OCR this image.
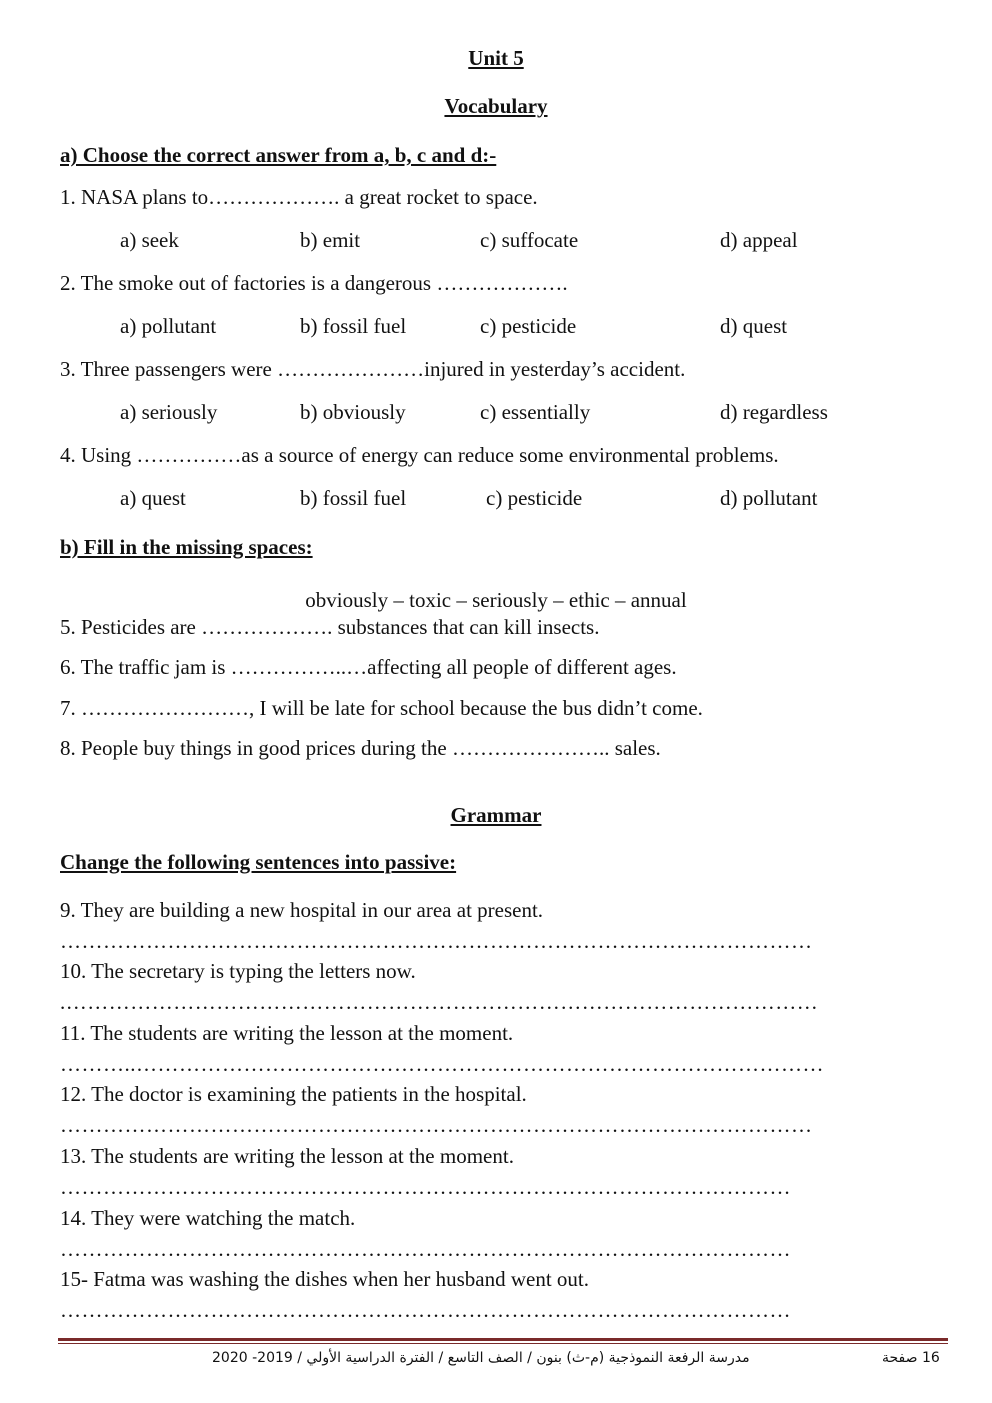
Unit 5
Vocabulary
a) Choose the correct answer from a, b, c and d:-
1. NASA plans to………………. a great rocket to space.
a) seek	b) emit	c) suffocate	d) appeal
2. The smoke out of factories is a dangerous ……………….
a) pollutant	b) fossil fuel	c) pesticide	d) quest
3. Three passengers were …………………injured in yesterday’s accident.
a) seriously	b) obviously	c) essentially	d) regardless
4. Using ……………as a source of energy can reduce some environmental problems.
a) quest	b) fossil fuel	c) pesticide	d) pollutant
b) Fill in the missing spaces:
obviously – toxic – seriously – ethic – annual
5. Pesticides are ………………. substances that can kill insects.
6. The traffic jam is ……………..…affecting all people of different ages.
7. ……………………, I will be late for school because the bus didn’t come.
8. People buy things in good prices during the ………………….. sales.
Grammar
Change the following sentences into passive:
9. They are building a new hospital in our area at present.
……………………………………………………………………………………………
10. The secretary is typing the letters now.
.……………………………………………………………………………………………
11. The students are writing the lesson at the moment.
………..……………………………………………………………………………………
12. The doctor is examining the patients in the hospital.
……………………………………………………………………………………………
13. The students are writing the lesson at the moment.
…………………………………………………………………………………………
14. They were watching the match.
…………………………………………………………………………………………
15- Fatma was washing the dishes when her husband went out.
…………………………………………………………………………………………
مدرسة الرفعة النموذجية (م-ث) بنون / الصف التاسع / الفترة الدراسية الأولي / 2019- 2020	16 صفحة
